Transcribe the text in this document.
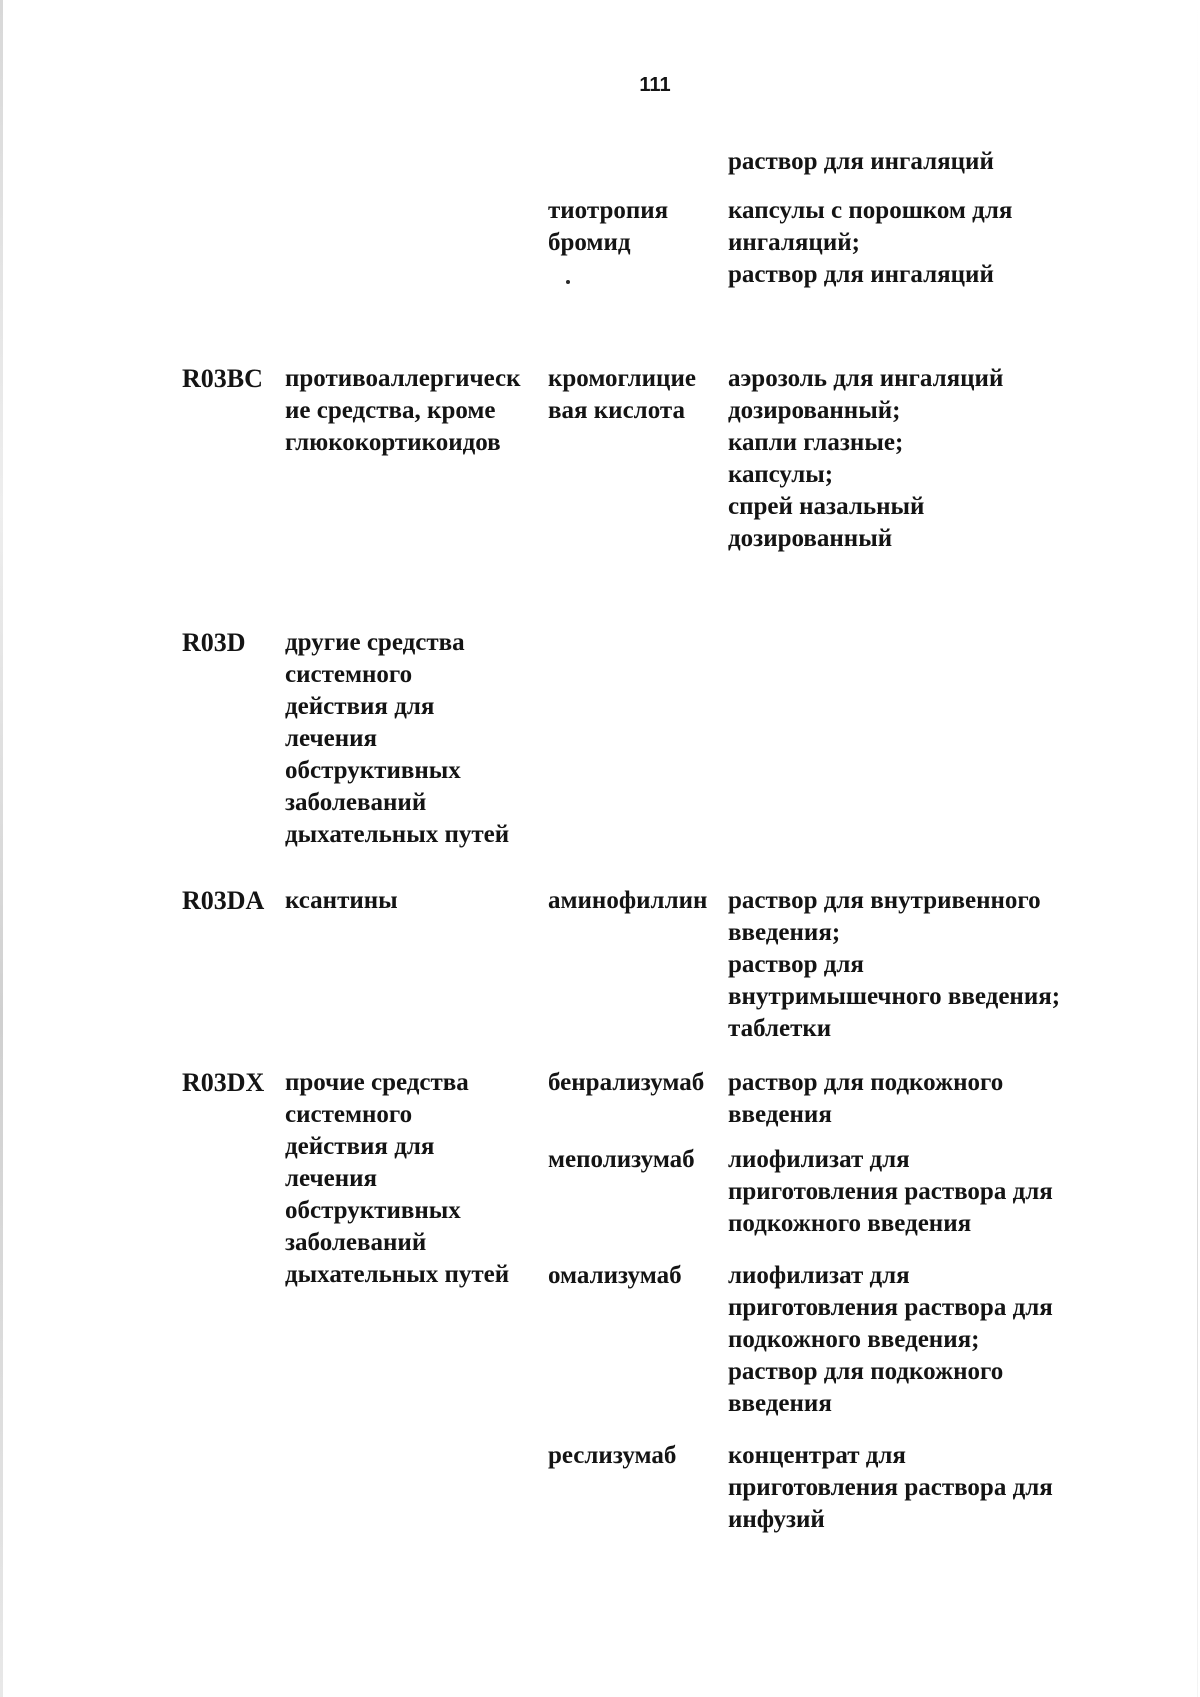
111
раствор для ингаляций
тиотропия
бромид
капсулы с порошком для
ингаляций;
раствор для ингаляций
R03BC противоаллергическ
ие средства, кроме
глюкокортикоидов
кромоглицие
вая кислота
аэрозоль для ингаляций
дозированный;
капли глазные;
капсулы;
спрей назальный
дозированный
R03D другие средства
системного
действия для
лечения
обструктивных
заболеваний
дыхательных путей
R03DA ксантины	аминофиллин раствор для внутривенного
введения;
раствор для
внутримышечного введения;
таблетки
R03DX прочие средства
системного
действия для
лечения
обструктивных
заболеваний
дыхательных путей
бенрализумаб раствор для подкожного
введения
меполизумаб лиофилизат для
приготовления раствора для
подкожного введения
омализумаб лиофилизат для
приготовления раствора для
подкожного введения;
раствор для подкожного
введения
реслизумаб концентрат для
приготовления раствора для
инфузий
